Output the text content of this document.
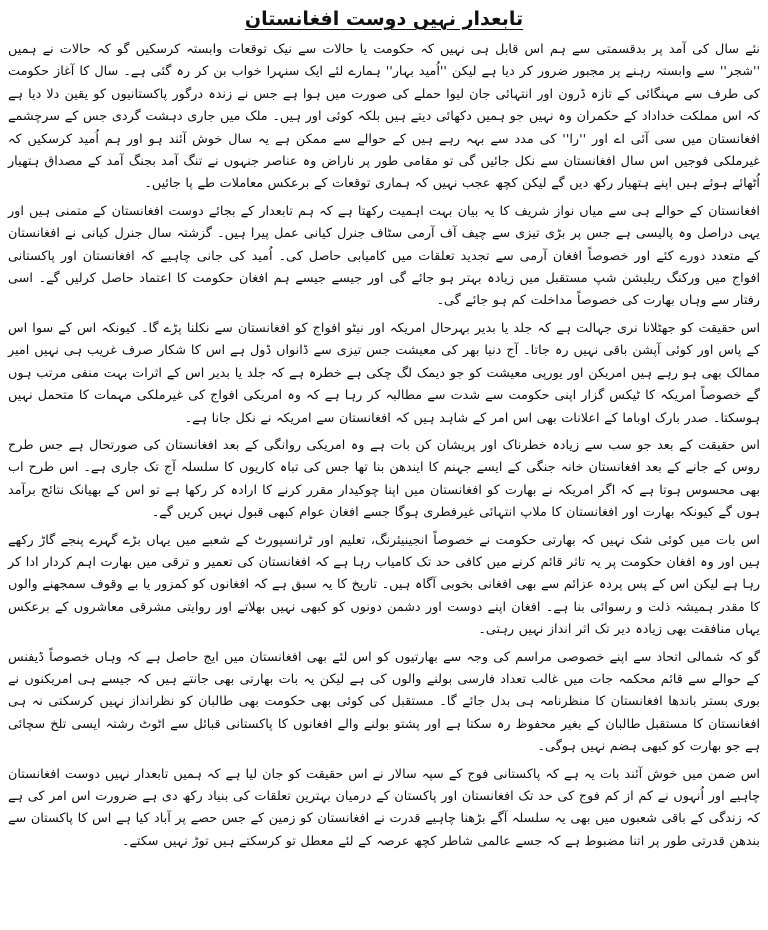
تابعدار نہیں دوست افغانستان

نئے سال کی آمد پر بدقسمتی سے ہم اس قابل ہی نہیں کہ حکومت یا حالات سے نیک توقعات وابستہ کرسکیں گو کہ حالات نے ہمیں ''شجر'' سے وابستہ رہنے پر مجبور ضرور کر دیا ہے لیکن ''اُمید بہار'' ہمارے لئے ایک سنہرا خواب بن کر رہ گئی ہے۔ سال کا آغاز حکومت کی طرف سے مہنگائی کے تازہ ڈرون اور انتہائی جان لیوا حملے کی صورت میں ہوا ہے جس نے زندہ درگور پاکستانیوں کو یقین دلا دیا ہے کہ اس مملکت خداداد کے حکمران وہ نہیں جو ہمیں دکھائی دیتے ہیں بلکہ کوئی اور ہیں۔ ملک میں جاری دہشت گردی جس کے سرچشمے افغانستان میں سی آئی اے اور ''را'' کی مدد سے بہہ رہے ہیں کے حوالے سے ممکن ہے یہ سال خوش آئند ہو اور ہم اُمید کرسکیں کہ غیرملکی فوجیں اس سال افغانستان سے نکل جائیں گی تو مقامی طور پر ناراض وہ عناصر جنہوں نے تنگ آمد بجنگ آمد کے مصداق ہتھیار اُٹھائے ہوئے ہیں اپنے ہتھیار رکھ دیں گے لیکن کچھ عجب نہیں کہ ہماری توقعات کے برعکس معاملات طے پا جائیں۔

افغانستان کے حوالے ہی سے میاں نواز شریف کا یہ بیان بہت اہمیت رکھتا ہے کہ ہم تابعدار کے بجائے دوست افغانستان کے متمنی ہیں اور یہی دراصل وہ پالیسی ہے جس پر بڑی تیزی سے چیف آف آرمی سٹاف جنرل کیانی عمل پیرا ہیں۔ گزشتہ سال جنرل کیانی نے افغانستان کے متعدد دورے کئے اور خصوصاً افغان آرمی سے تجدید تعلقات میں کامیابی حاصل کی۔ اُمید کی جانی چاہیے کہ افغانستان اور پاکستانی افواج میں ورکنگ ریلیشن شپ مستقبل میں زیادہ بہتر ہو جائے گی اور جیسے جیسے ہم افغان حکومت کا اعتماد حاصل کرلیں گے۔ اسی رفتار سے وہاں بھارت کی خصوصاً مداخلت کم ہو جائے گی۔

اس حقیقت کو جھٹلانا نری جہالت ہے کہ جلد یا بدیر بہرحال امریکہ اور نیٹو افواج کو افغانستان سے نکلنا پڑے گا۔ کیونکہ اس کے سوا اس کے پاس اور کوئی آپشن باقی نہیں رہ جاتا۔ آج دنیا بھر کی معیشت جس تیزی سے ڈانواں ڈول ہے اس کا شکار صرف غریب ہی نہیں امیر ممالک بھی ہو رہے ہیں امریکن اور یورپی معیشت کو جو دیمک لگ چکی ہے خطرہ ہے کہ جلد یا بدیر اس کے اثرات بہت منفی مرتب ہوں گے خصوصاً امریکہ کا ٹیکس گزار اپنی حکومت سے شدت سے مطالبہ کر رہا ہے کہ وہ امریکی افواج کی غیرملکی مہمات کا متحمل نہیں ہوسکتا۔ صدر بارک اوباما کے اعلانات بھی اس امر کے شاہد ہیں کہ افغانستان سے امریکہ نے نکل جانا ہے۔

اس حقیقت کے بعد جو سب سے زیادہ خطرناک اور پریشان کن بات ہے وہ امریکی روانگی کے بعد افغانستان کی صورتحال ہے جس طرح روس کے جانے کے بعد افغانستان خانہ جنگی کے ایسے جہنم کا ایندھن بنا تھا جس کی تباہ کاریوں کا سلسلہ آج تک جاری ہے۔ اس طرح اب بھی محسوس ہوتا ہے کہ اگر امریکہ نے بھارت کو افغانستان میں اپنا چوکیدار مقرر کرنے کا ارادہ کر رکھا ہے تو اس کے بھیانک نتائج برآمد ہوں گے کیونکہ بھارت اور افغانستان کا ملاپ انتہائی غیرفطری ہوگا جسے افغان عوام کبھی قبول نہیں کریں گے۔

اس بات میں کوئی شک نہیں کہ بھارتی حکومت نے خصوصاً انجینیئرنگ، تعلیم اور ٹرانسپورٹ کے شعبے میں یہاں بڑے گہرے پنجے گاڑ رکھے ہیں اور وہ افغان حکومت پر یہ تاثر قائم کرنے میں کافی حد تک کامیاب رہا ہے کہ افغانستان کی تعمیر و ترقی میں بھارت اہم کردار ادا کر رہا ہے لیکن اس کے پس پردہ عزائم سے بھی افغانی بخوبی آگاہ ہیں۔ تاریخ کا یہ سبق ہے کہ افغانوں کو کمزور یا بے وقوف سمجھنے والوں کا مقدر ہمیشہ ذلت و رسوائی بنا ہے۔ افغان اپنے دوست اور دشمن دونوں کو کبھی نہیں بھلاتے اور روایتی مشرقی معاشروں کے برعکس یہاں منافقت بھی زیادہ دیر تک اثر انداز نہیں رہتی۔

گو کہ شمالی اتحاد سے اپنے خصوصی مراسم کی وجہ سے بھارتیوں کو اس لئے بھی افغانستان میں ایج حاصل ہے کہ وہاں خصوصاً ڈیفنس کے حوالے سے قائم محکمہ جات میں غالب تعداد فارسی بولنے والوں کی ہے لیکن یہ بات بھارتی بھی جانتے ہیں کہ جیسے ہی امریکنوں نے بوری بستر باندھا افغانستان کا منظرنامہ ہی بدل جائے گا۔ مستقبل کی کوئی بھی حکومت بھی طالبان کو نظرانداز نہیں کرسکتی نہ ہی افغانستان کا مستقبل طالبان کے بغیر محفوظ رہ سکتا ہے اور پشتو بولنے والے افغانوں کا پاکستانی قبائل سے اٹوٹ رشتہ ایسی تلخ سچائی ہے جو بھارت کو کبھی ہضم نہیں ہوگی۔

اس ضمن میں خوش آئند بات یہ ہے کہ پاکستانی فوج کے سپہ سالار نے اس حقیقت کو جان لیا ہے کہ ہمیں تابعدار نہیں دوست افغانستان چاہیے اور اُنہوں نے کم از کم فوج کی حد تک افغانستان اور پاکستان کے درمیان بہترین تعلقات کی بنیاد رکھ دی ہے ضرورت اس امر کی ہے کہ زندگی کے باقی شعبوں میں بھی یہ سلسلہ آگے بڑھنا چاہیے قدرت نے افغانستان کو زمین کے جس حصے پر آباد کیا ہے اس کا پاکستان سے بندھن قدرتی طور پر اتنا مضبوط ہے کہ جسے عالمی شاطر کچھ عرصہ کے لئے معطل تو کرسکتے ہیں توڑ نہیں سکتے۔
